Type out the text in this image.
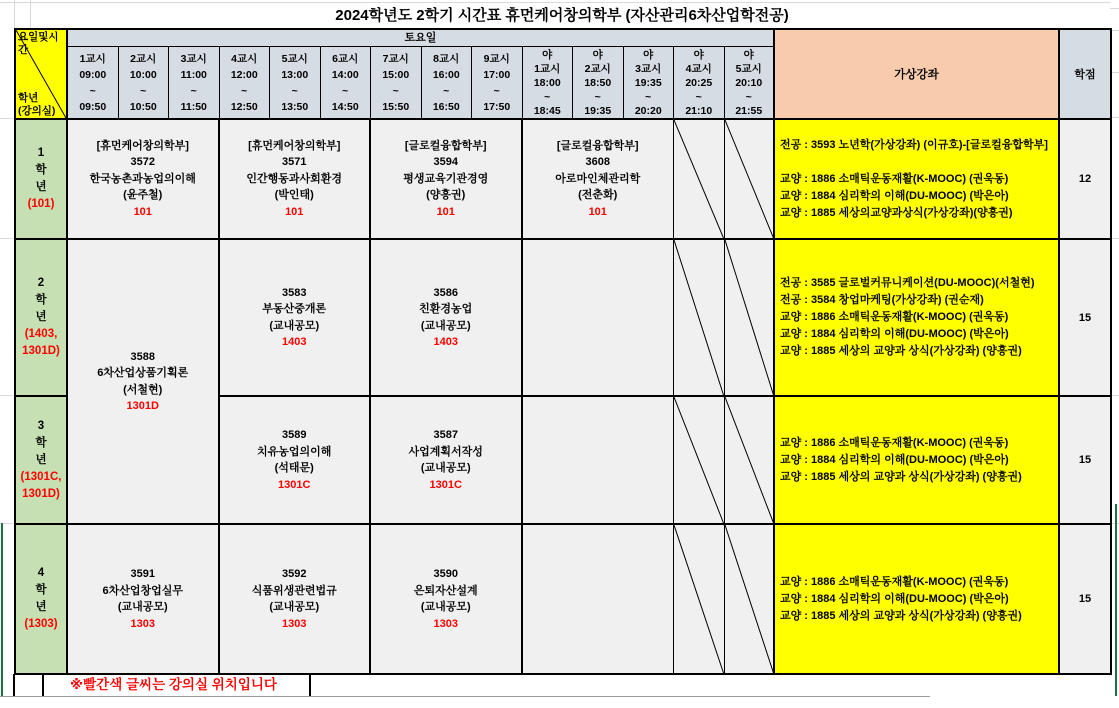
2024학년도 2학기 시간표 휴먼케어창의학부 (자산관리6차산업학전공)
요일및시간
학년
(강의실)
토요일
가상강좌	학점
1교시
09:00
~
09:50
2교시
10:00
~
10:50
3교시
11:00
~
11:50
4교시
12:00
~
12:50
5교시
13:00
~
13:50
6교시
14:00
~
14:50
7교시
15:00
~
15:50
8교시
16:00
~
16:50
9교시
17:00
~
17:50
야
1교시
18:00
~
18:45
야
2교시
18:50
~
19:35
야
3교시
19:35
~
20:20
야
4교시
20:25
~
21:10
야
5교시
20:10
~
21:55
1
학
년
(101)
[휴먼케어창의학부]
3572
한국농촌과농업의이해
(윤주철)
101
[휴먼케어창의학부]
3571
인간행동과사회환경
(박인태)
101
[글로컬융합학부]
3594
평생교육기관경영
(양흥권)
101
[글로컬융합학부]
3608
아로마인체관리학
(전춘화)
101
전공 : 3593 노년학(가상강좌) (이규호)-[글로컬융합학부]
교양 : 1886 소매틱운동재활(K-MOOC) (권욱동)
교양 : 1884 심리학의 이해(DU-MOOC) (박은아)
교양 : 1885 세상의교양과상식(가상강좌)(양흥권)
12
2
학
년
(1403,
1301D)	3588
6차산업상품기획론
(서철현)
1301D
3583
부동산중개론
(교내공모)
1403
3586
친환경농업
(교내공모)
1403
전공 : 3585 글로벌커뮤니케이션(DU-MOOC)(서철현)
전공 : 3584 창업마케팅(가상강좌) (권순재)
교양 : 1886 소매틱운동재활(K-MOOC) (권욱동)
교양 : 1884 심리학의 이해(DU-MOOC) (박은아)
교양 : 1885 세상의 교양과 상식(가상강좌) (양흥권)
15
3
학
년
(1301C,
1301D)
3589
치유농업의이해
(석태문)
1301C
3587
사업계획서작성
(교내공모)
1301C
교양 : 1886 소매틱운동재활(K-MOOC) (권욱동)
교양 : 1884 심리학의 이해(DU-MOOC) (박은아)
교양 : 1885 세상의 교양과 상식(가상강좌) (양흥권)
15
4
학
년
(1303)
3591
6차산업창업실무
(교내공모)
1303
3592
식품위생관련법규
(교내공모)
1303
3590
은퇴자산설계
(교내공모)
1303
교양 : 1886 소매틱운동재활(K-MOOC) (권욱동)
교양 : 1884 심리학의 이해(DU-MOOC) (박은아)
교양 : 1885 세상의 교양과 상식(가상강좌) (양흥권)
15
※빨간색 글씨는 강의실 위치입니다
